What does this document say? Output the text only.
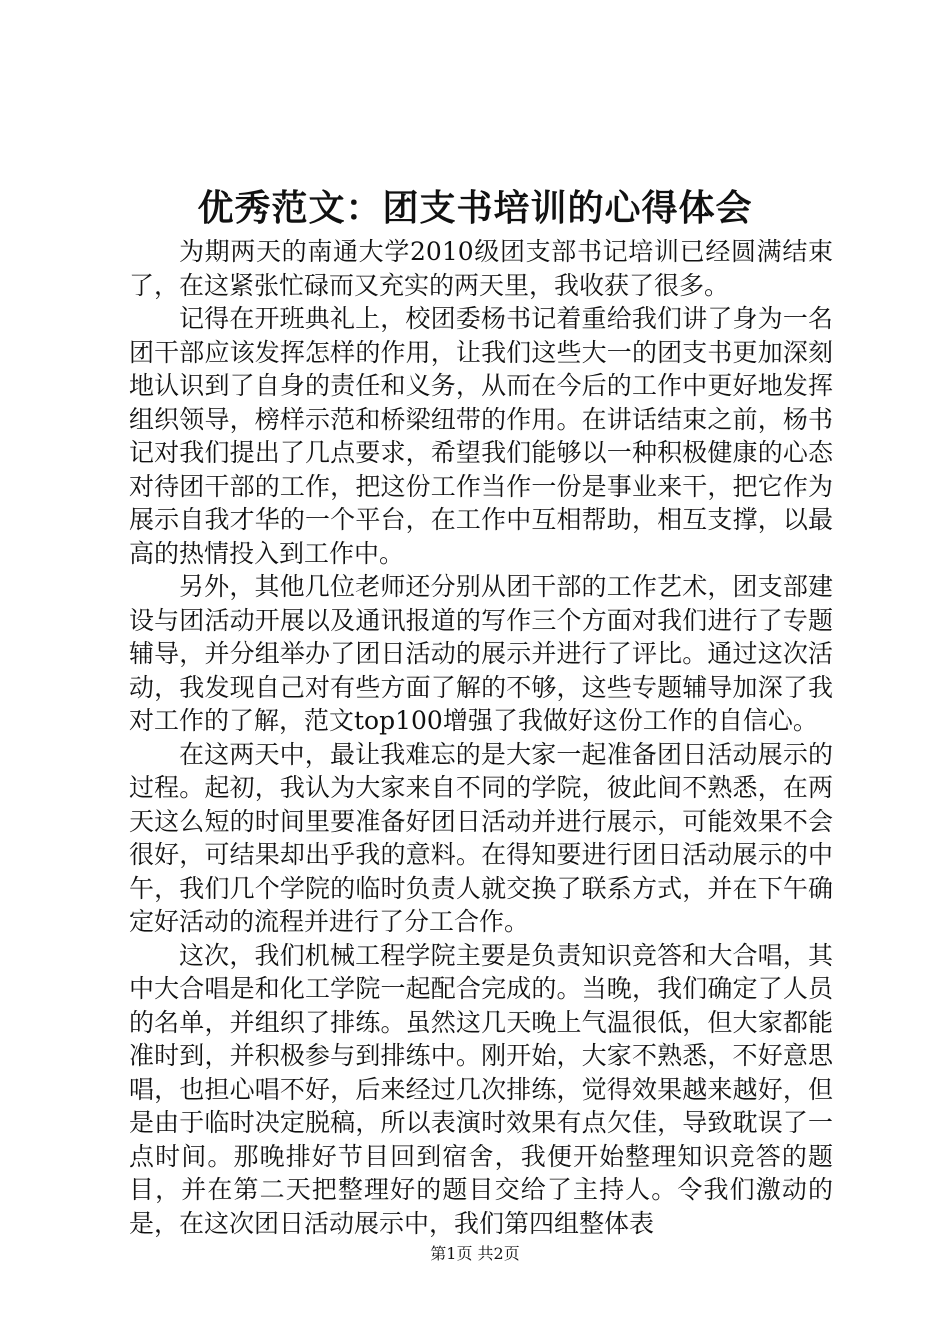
优秀范文：团支书培训的心得体会

为期两天的南通大学2010级团支部书记培训已经圆满结束了，在这紧张忙碌而又充实的两天里，我收获了很多。

记得在开班典礼上，校团委杨书记着重给我们讲了身为一名团干部应该发挥怎样的作用，让我们这些大一的团支书更加深刻地认识到了自身的责任和义务，从而在今后的工作中更好地发挥组织领导，榜样示范和桥梁纽带的作用。在讲话结束之前，杨书记对我们提出了几点要求，希望我们能够以一种积极健康的心态对待团干部的工作，把这份工作当作一份是事业来干，把它作为展示自我才华的一个平台，在工作中互相帮助，相互支撑，以最高的热情投入到工作中。

另外，其他几位老师还分别从团干部的工作艺术，团支部建设与团活动开展以及通讯报道的写作三个方面对我们进行了专题辅导，并分组举办了团日活动的展示并进行了评比。通过这次活动，我发现自己对有些方面了解的不够，这些专题辅导加深了我对工作的了解，范文top100增强了我做好这份工作的自信心。

在这两天中，最让我难忘的是大家一起准备团日活动展示的过程。起初，我认为大家来自不同的学院，彼此间不熟悉，在两天这么短的时间里要准备好团日活动并进行展示，可能效果不会很好，可结果却出乎我的意料。在得知要进行团日活动展示的中午，我们几个学院的临时负责人就交换了联系方式，并在下午确定好活动的流程并进行了分工合作。

这次，我们机械工程学院主要是负责知识竞答和大合唱，其中大合唱是和化工学院一起配合完成的。当晚，我们确定了人员的名单，并组织了排练。虽然这几天晚上气温很低，但大家都能准时到，并积极参与到排练中。刚开始，大家不熟悉，不好意思唱，也担心唱不好，后来经过几次排练，觉得效果越来越好，但是由于临时决定脱稿，所以表演时效果有点欠佳，导致耽误了一点时间。那晚排好节目回到宿舍，我便开始整理知识竞答的题目，并在第二天把整理好的题目交给了主持人。令我们激动的是，在这次团日活动展示中，我们第四组整体表

第1页 共2页
